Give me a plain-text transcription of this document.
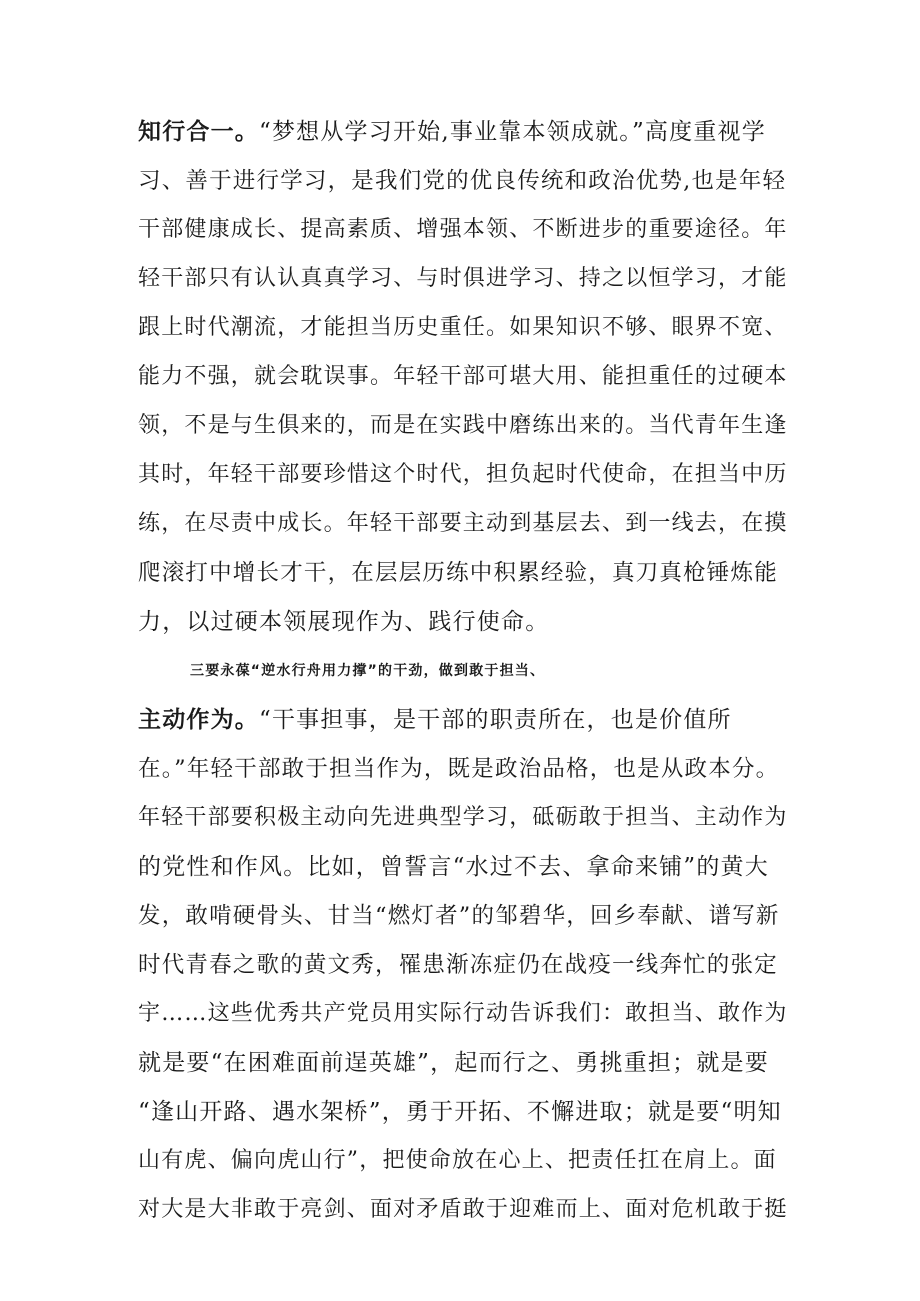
知行合一。“梦想从学习开始,事业靠本领成就。”高度重视学
习、善于进行学习，是我们党的优良传统和政治优势,也是年轻
干部健康成长、提高素质、增强本领、不断进步的重要途径。年
轻干部只有认认真真学习、与时俱进学习、持之以恒学习，才能
跟上时代潮流，才能担当历史重任。如果知识不够、眼界不宽、
能力不强，就会耽误事。年轻干部可堪大用、能担重任的过硬本
领，不是与生俱来的，而是在实践中磨练出来的。当代青年生逢
其时，年轻干部要珍惜这个时代，担负起时代使命，在担当中历
练，在尽责中成长。年轻干部要主动到基层去、到一线去，在摸
爬滚打中增长才干，在层层历练中积累经验，真刀真枪锤炼能
力，以过硬本领展现作为、践行使命。
三要永葆“逆水行舟用力撑”的干劲，做到敢于担当、
主动作为。“干事担事，是干部的职责所在，也是价值所
在。”年轻干部敢于担当作为，既是政治品格，也是从政本分。
年轻干部要积极主动向先进典型学习，砥砺敢于担当、主动作为
的党性和作风。比如，曾誓言“水过不去、拿命来铺”的黄大
发，敢啃硬骨头、甘当“燃灯者”的邹碧华，回乡奉献、谱写新
时代青春之歌的黄文秀，罹患渐冻症仍在战疫一线奔忙的张定
宇……这些优秀共产党员用实际行动告诉我们：敢担当、敢作为
就是要“在困难面前逞英雄”，起而行之、勇挑重担；就是要
“逢山开路、遇水架桥”，勇于开拓、不懈进取；就是要“明知
山有虎、偏向虎山行”，把使命放在心上、把责任扛在肩上。面
对大是大非敢于亮剑、面对矛盾敢于迎难而上、面对危机敢于挺
